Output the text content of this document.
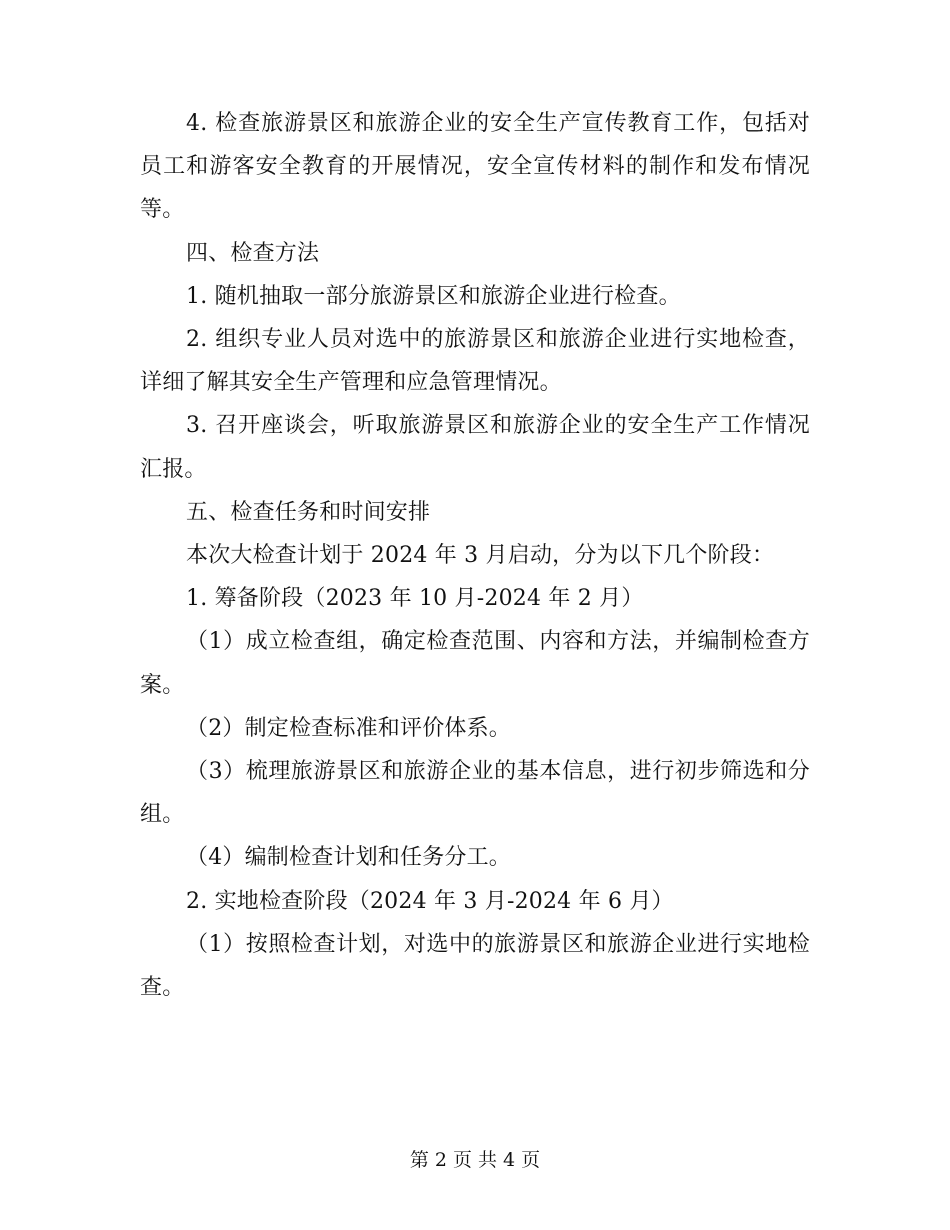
4. 检查旅游景区和旅游企业的安全生产宣传教育工作，包括对员工和游客安全教育的开展情况，安全宣传材料的制作和发布情况等。

四、检查方法

1. 随机抽取一部分旅游景区和旅游企业进行检查。

2. 组织专业人员对选中的旅游景区和旅游企业进行实地检查，详细了解其安全生产管理和应急管理情况。

3. 召开座谈会，听取旅游景区和旅游企业的安全生产工作情况汇报。

五、检查任务和时间安排

本次大检查计划于 2024 年 3 月启动，分为以下几个阶段：

1. 筹备阶段（2023 年 10 月-2024 年 2 月）

（1）成立检查组，确定检查范围、内容和方法，并编制检查方案。

（2）制定检查标准和评价体系。

（3）梳理旅游景区和旅游企业的基本信息，进行初步筛选和分组。

（4）编制检查计划和任务分工。

2. 实地检查阶段（2024 年 3 月-2024 年 6 月）

（1）按照检查计划，对选中的旅游景区和旅游企业进行实地检查。

第 2 页 共 4 页
